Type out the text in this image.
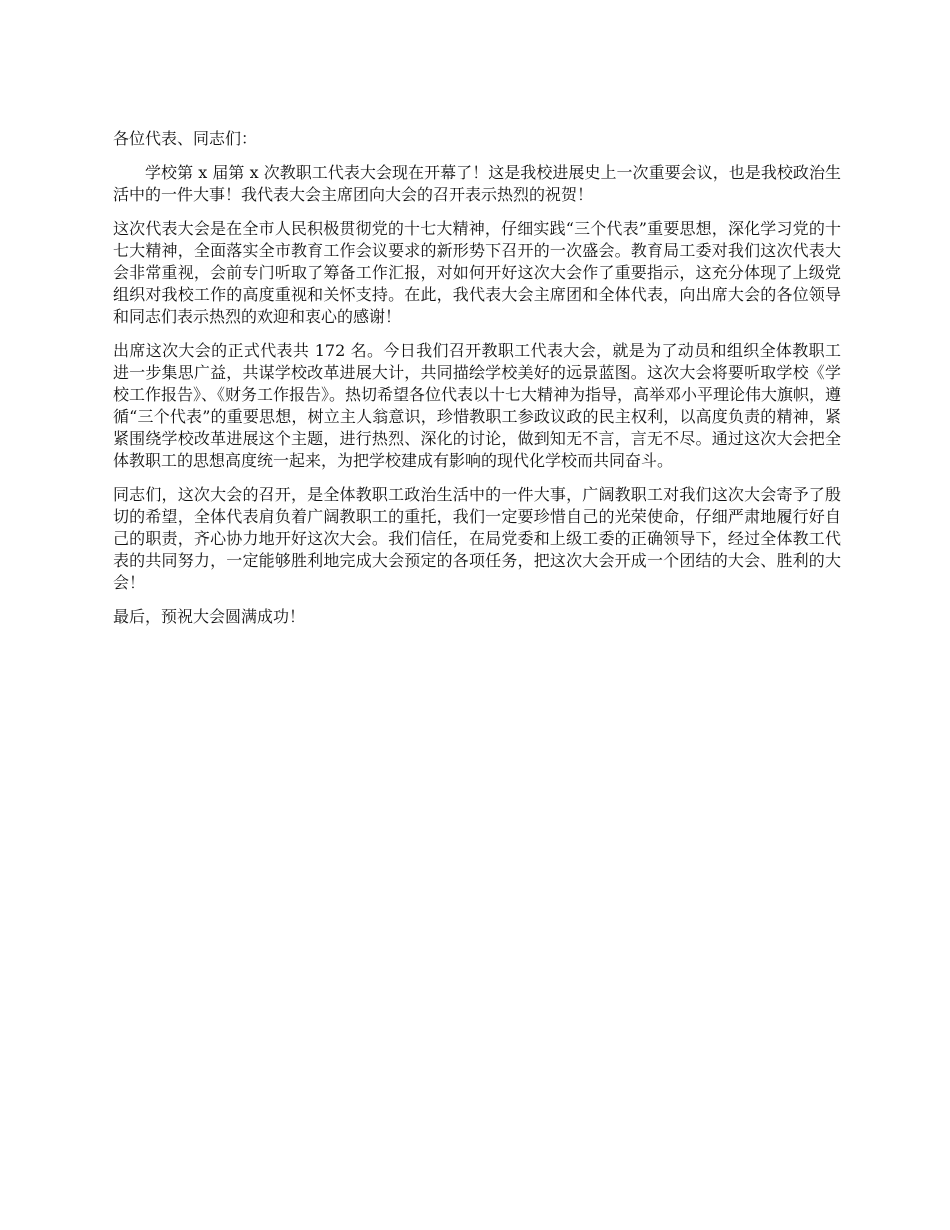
各位代表、同志们：

学校第 x 届第 x 次教职工代表大会现在开幕了！这是我校进展史上一次重要会议，也是我校政治生活中的一件大事！我代表大会主席团向大会的召开表示热烈的祝贺！

这次代表大会是在全市人民积极贯彻党的十七大精神，仔细实践“三个代表”重要思想，深化学习党的十七大精神，全面落实全市教育工作会议要求的新形势下召开的一次盛会。教育局工委对我们这次代表大会非常重视，会前专门听取了筹备工作汇报，对如何开好这次大会作了重要指示，这充分体现了上级党组织对我校工作的高度重视和关怀支持。在此，我代表大会主席团和全体代表，向出席大会的各位领导和同志们表示热烈的欢迎和衷心的感谢！

出席这次大会的正式代表共 172 名。今日我们召开教职工代表大会，就是为了动员和组织全体教职工进一步集思广益，共谋学校改革进展大计，共同描绘学校美好的远景蓝图。这次大会将要听取学校《学校工作报告》、《财务工作报告》。热切希望各位代表以十七大精神为指导，高举邓小平理论伟大旗帜，遵循“三个代表”的重要思想，树立主人翁意识，珍惜教职工参政议政的民主权利，以高度负责的精神，紧紧围绕学校改革进展这个主题，进行热烈、深化的讨论，做到知无不言，言无不尽。通过这次大会把全体教职工的思想高度统一起来，为把学校建成有影响的现代化学校而共同奋斗。

同志们，这次大会的召开，是全体教职工政治生活中的一件大事，广阔教职工对我们这次大会寄予了殷切的希望，全体代表肩负着广阔教职工的重托，我们一定要珍惜自己的光荣使命，仔细严肃地履行好自己的职责，齐心协力地开好这次大会。我们信任，在局党委和上级工委的正确领导下，经过全体教工代表的共同努力，一定能够胜利地完成大会预定的各项任务，把这次大会开成一个团结的大会、胜利的大会！

最后，预祝大会圆满成功！
